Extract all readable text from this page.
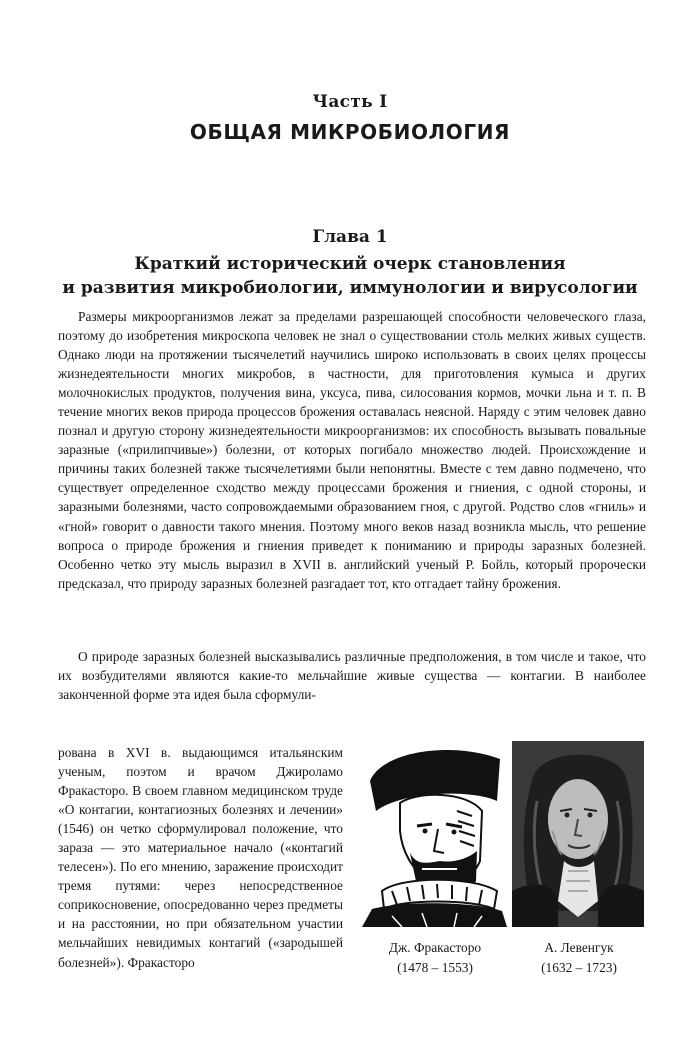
Часть I
ОБЩАЯ МИКРОБИОЛОГИЯ
Глава 1
Краткий исторический очерк становления
и развития микробиологии, иммунологии и вирусологии

Размеры микроорганизмов лежат за пределами разрешающей способности человеческого глаза, поэтому до изобретения микроскопа человек не знал о существовании столь мелких живых существ. Однако люди на протяжении тысячелетий научились широко использовать в своих целях процессы жизнедеятельности многих микробов, в частности, для приготовления кумыса и других молочнокислых продуктов, получения вина, уксуса, пива, силосования кормов, мочки льна и т. п. В течение многих веков природа процессов брожения оставалась неясной. Наряду с этим человек давно познал и другую сторону жизнедеятельности микроорганизмов: их способность вызывать повальные заразные («прилипчивые») болезни, от которых погибало множество людей. Происхождение и причины таких болезней также тысячелетиями были непонятны. Вместе с тем давно подмечено, что существует определенное сходство между процессами брожения и гниения, с одной стороны, и заразными болезнями, часто сопровождаемыми образованием гноя, с другой. Родство слов «гниль» и «гной» говорит о давности такого мнения. Поэтому много веков назад возникла мысль, что решение вопроса о природе брожения и гниения приведет к пониманию и природы заразных болезней. Особенно четко эту мысль выразил в XVII в. английский ученый Р. Бойль, который пророчески предсказал, что природу заразных болезней разгадает тот, кто отгадает тайну брожения.

О природе заразных болезней высказывались различные предположения, в том числе и такое, что их возбудителями являются какие-то мельчайшие живые существа — контагии. В наиболее законченной форме эта идея была сформули-

рована в XVI в. выдающимся итальянским ученым, поэтом и врачом Джироламо Фракасторо. В своем главном медицинском труде «О контагии, контагиозных болезнях и лечении» (1546) он четко сформулировал положение, что зараза — это материальное начало («контагий телесен»). По его мнению, заражение происходит тремя путями: через непосредственное соприкосновение, опосредованно через предметы и на расстоянии, но при обязательном участии мельчайших невидимых контагий («зародышей болезней»). Фракасторо
Дж. Фракасторо
(1478 – 1553)
А. Левенгук
(1632 – 1723)
